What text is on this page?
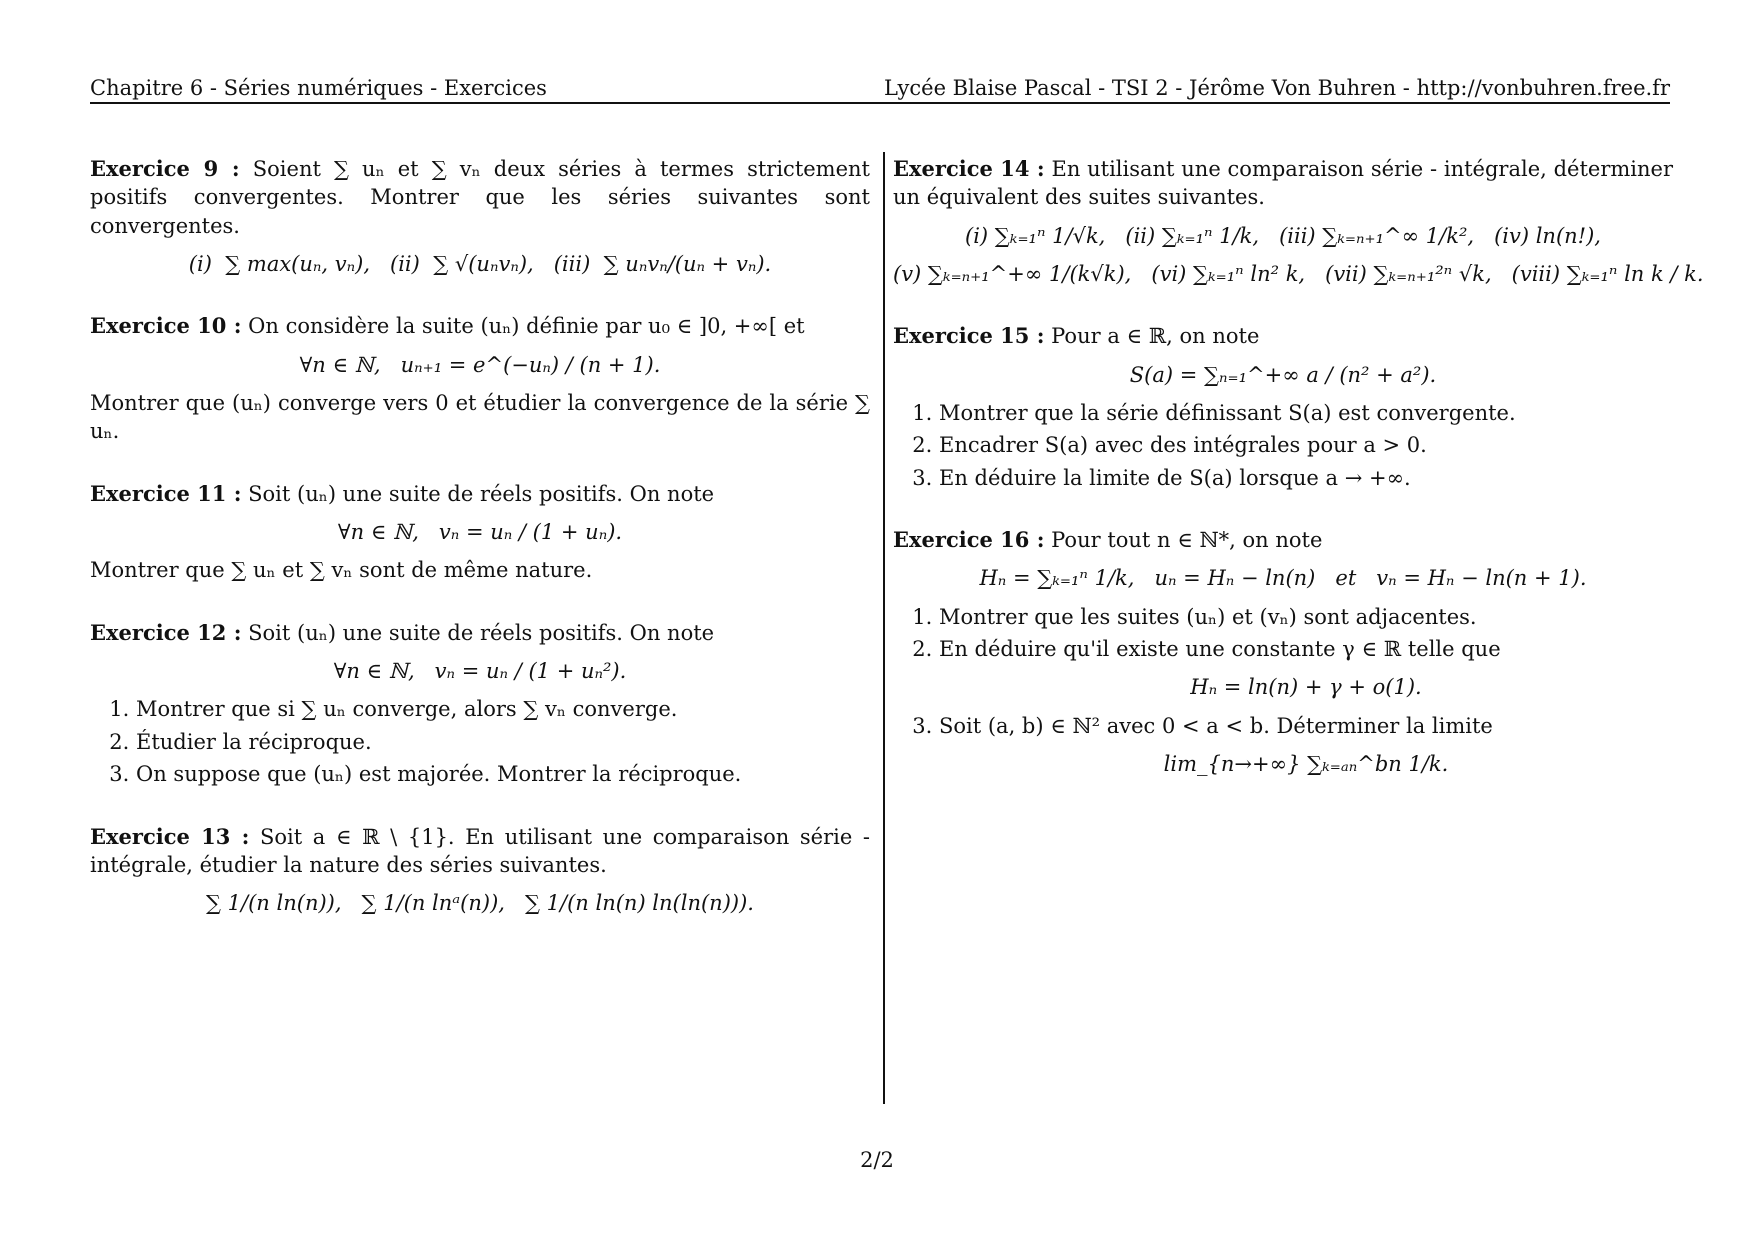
Chapitre 6 - Séries numériques - Exercices	Lycée Blaise Pascal - TSI 2 - Jérôme Von Buhren - http://vonbuhren.free.fr

Exercice 9 : Soient ∑ uₙ et ∑ vₙ deux séries à termes strictement positifs convergentes. Montrer que les séries suivantes sont convergentes.

(i)  ∑ max(uₙ, vₙ),   (ii)  ∑ √(uₙvₙ),   (iii)  ∑ uₙvₙ/(uₙ + vₙ).

Exercice 10 : On considère la suite (uₙ) définie par u₀ ∈ ]0, +∞[ et

∀n ∈ ℕ,   uₙ₊₁ = e^(−uₙ) / (n + 1).

Montrer que (uₙ) converge vers 0 et étudier la convergence de la série ∑ uₙ.

Exercice 11 : Soit (uₙ) une suite de réels positifs. On note

∀n ∈ ℕ,   vₙ = uₙ / (1 + uₙ).

Montrer que ∑ uₙ et ∑ vₙ sont de même nature.

Exercice 12 : Soit (uₙ) une suite de réels positifs. On note

∀n ∈ ℕ,   vₙ = uₙ / (1 + uₙ²).
1. Montrer que si ∑ uₙ converge, alors ∑ vₙ converge.
2. Étudier la réciproque.
3. On suppose que (uₙ) est majorée. Montrer la réciproque.

Exercice 13 : Soit a ∈ ℝ \ {1}. En utilisant une comparaison série - intégrale, étudier la nature des séries suivantes.

∑ 1/(n ln(n)),   ∑ 1/(n lnᵃ(n)),   ∑ 1/(n ln(n) ln(ln(n))).

Exercice 14 : En utilisant une comparaison série - intégrale, déterminer un équivalent des suites suivantes.

(i) ∑ₖ₌₁ⁿ 1/√k,   (ii) ∑ₖ₌₁ⁿ 1/k,   (iii) ∑ₖ₌ₙ₊₁^∞ 1/k²,   (iv) ln(n!),
(v) ∑ₖ₌ₙ₊₁^+∞ 1/(k√k),   (vi) ∑ₖ₌₁ⁿ ln² k,   (vii) ∑ₖ₌ₙ₊₁²ⁿ √k,   (viii) ∑ₖ₌₁ⁿ ln k / k.

Exercice 15 : Pour a ∈ ℝ, on note

S(a) = ∑ₙ₌₁^+∞ a / (n² + a²).
1. Montrer que la série définissant S(a) est convergente.
2. Encadrer S(a) avec des intégrales pour a > 0.
3. En déduire la limite de S(a) lorsque a → +∞.

Exercice 16 : Pour tout n ∈ ℕ*, on note

Hₙ = ∑ₖ₌₁ⁿ 1/k,   uₙ = Hₙ − ln(n)   et   vₙ = Hₙ − ln(n + 1).
1. Montrer que les suites (uₙ) et (vₙ) sont adjacentes.
2. En déduire qu'il existe une constante γ ∈ ℝ telle que
Hₙ = ln(n) + γ + o(1).
3. Soit (a, b) ∈ ℕ² avec 0 < a < b. Déterminer la limite
lim_{n→+∞} ∑ₖ₌ₐₙ^bn 1/k.
2/2
